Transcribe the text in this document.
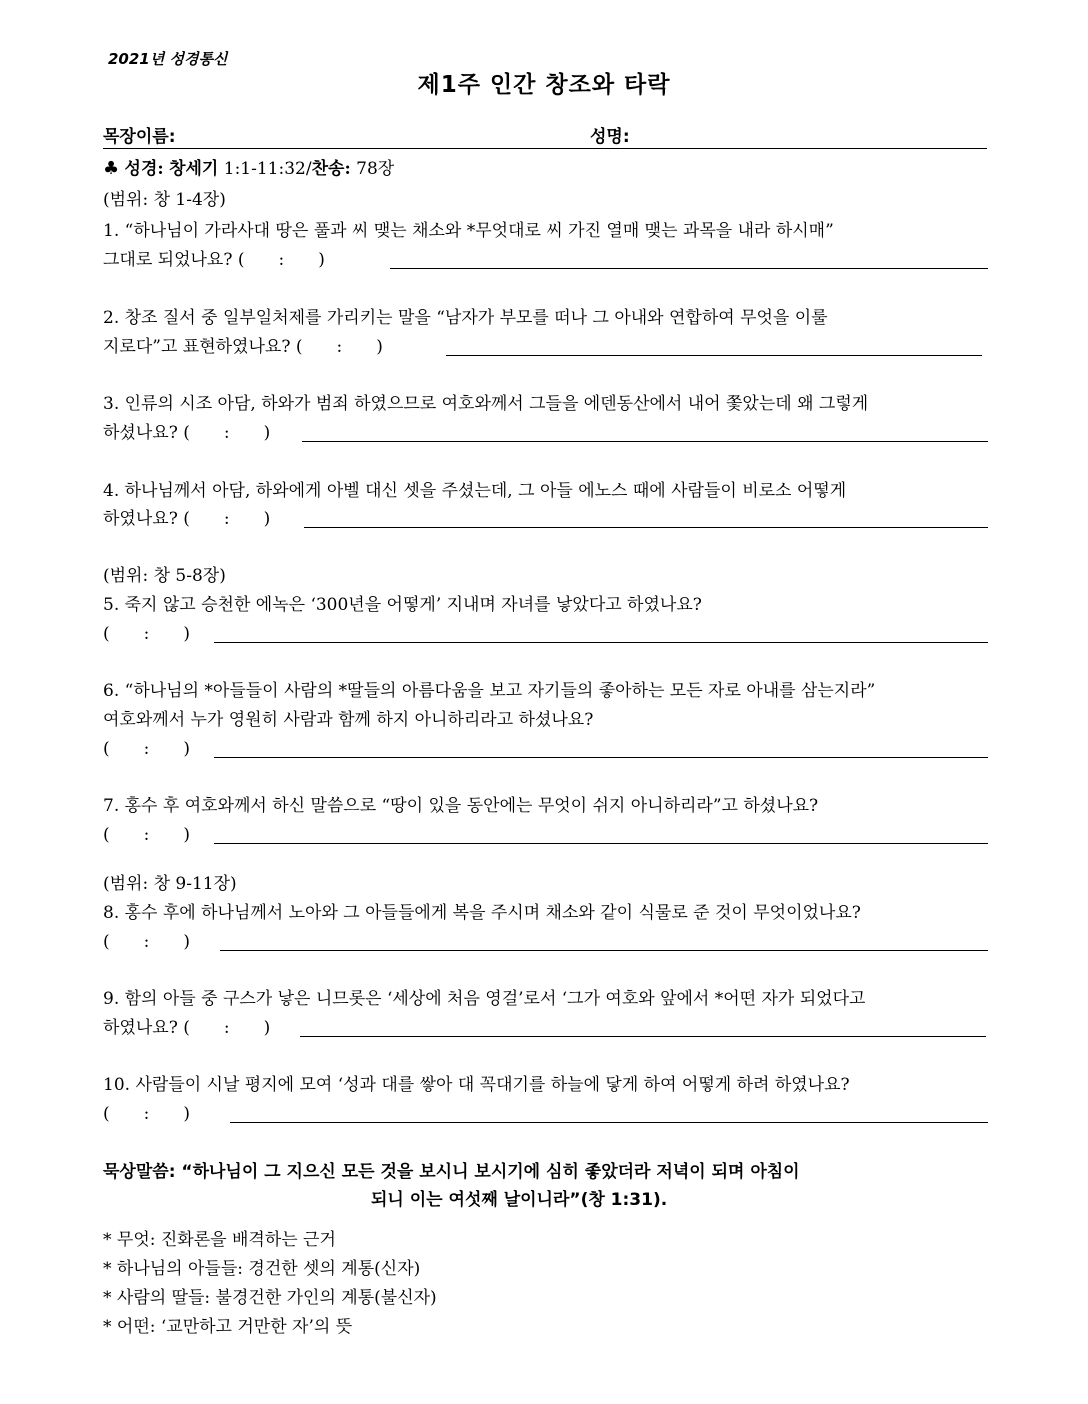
2021년 성경통신
제1주 인간 창조와 타락
목장이름:	성명:
♣ 성경: 창세기 1:1-11:32/찬송: 78장
(범위: 창 1-4장)
1. “하나님이 가라사대 땅은 풀과 씨 맺는 채소와 *무엇대로 씨 가진 열매 맺는 과목을 내라 하시매”
그대로 되었나요? (　　:　　)
2. 창조 질서 중 일부일처제를 가리키는 말을 “남자가 부모를 떠나 그 아내와 연합하여 무엇을 이룰
지로다”고 표현하였나요? (　　:　　)
3. 인류의 시조 아담, 하와가 범죄 하였으므로 여호와께서 그들을 에덴동산에서 내어 쫓았는데 왜 그렇게
하셨나요? (　　:　　)
4. 하나님께서 아담, 하와에게 아벨 대신 셋을 주셨는데, 그 아들 에노스 때에 사람들이 비로소 어떻게
하였나요? (　　:　　)
(범위: 창 5-8장)
5. 죽지 않고 승천한 에녹은 ‘300년을 어떻게’ 지내며 자녀를 낳았다고 하였나요?
(　　:　　)
6. “하나님의 *아들들이 사람의 *딸들의 아름다움을 보고 자기들의 좋아하는 모든 자로 아내를 삼는지라”
여호와께서 누가 영원히 사람과 함께 하지 아니하리라고 하셨나요?
(　　:　　)
7. 홍수 후 여호와께서 하신 말씀으로 “땅이 있을 동안에는 무엇이 쉬지 아니하리라”고 하셨나요?
(　　:　　)
(범위: 창 9-11장)
8. 홍수 후에 하나님께서 노아와 그 아들들에게 복을 주시며 채소와 같이 식물로 준 것이 무엇이었나요?
(　　:　　)
9. 함의 아들 중 구스가 낳은 니므롯은 ‘세상에 처음 영걸’로서 ‘그가 여호와 앞에서 *어떤 자가 되었다고
하였나요? (　　:　　)
10. 사람들이 시날 평지에 모여 ‘성과 대를 쌓아 대 꼭대기를 하늘에 닿게 하여 어떻게 하려 하였나요?
(　　:　　)
묵상말씀: “하나님이 그 지으신 모든 것을 보시니 보시기에 심히 좋았더라 저녁이 되며 아침이
되니 이는 여섯째 날이니라”(창 1:31).
* 무엇: 진화론을 배격하는 근거
* 하나님의 아들들: 경건한 셋의 계통(신자)
* 사람의 딸들: 불경건한 가인의 계통(불신자)
* 어떤: ‘교만하고 거만한 자’의 뜻
